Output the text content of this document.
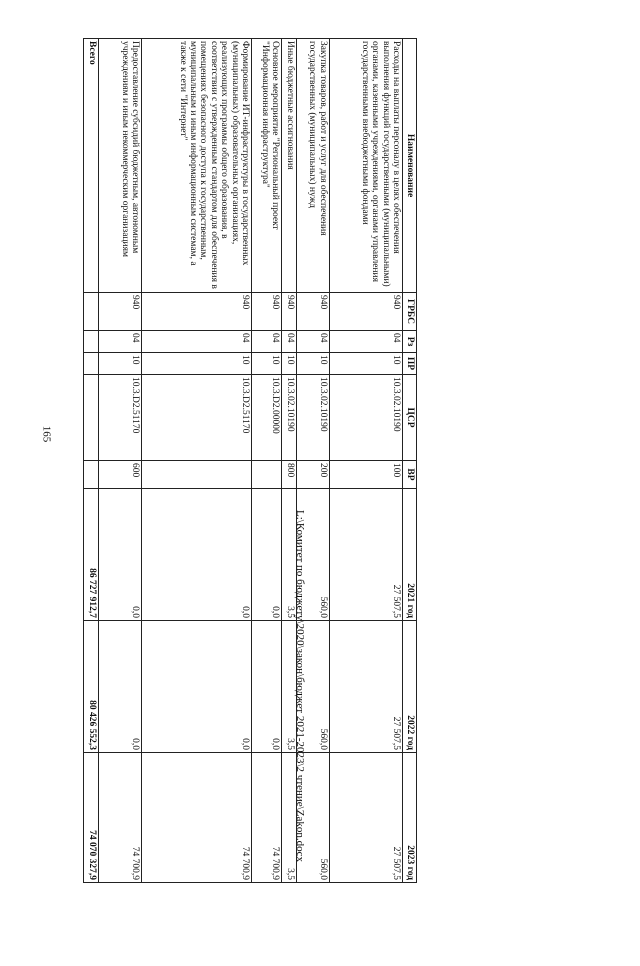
165
Наименование	ГРБС	Рз	ПР	ЦСР	ВР	2021 год	2022 год	2023 год
Расходы на выплаты персоналу в целях обеспечения выполнения функций государственными (муниципальными) органами, казенными учреждениями, органами управления государственными внебюджетными фондами	940	04	10	10.3.02.10190	100	27 507,5	27 507,5	27 507,5
Закупка товаров, работ и услуг для обеспечения государственных (муниципальных) нужд	940	04	10	10.3.02.10190	200	560,0	560,0	560,0
Иные бюджетные ассигнования	940	04	10	10.3.02.10190	800	3,5	3,5	3,5
Основное мероприятие "Региональный проект "Информационная инфраструктура"	940	04	10	10.3.D2.00000		0,0	0,0	74 700,9
Формирование ИТ-инфраструктуры в государственных (муниципальных) образовательных организациях, реализующих программы общего образования, в соответствии с утвержденным стандартом для обеспечения в помещениях безопасного доступа к государственным, муниципальным и иным информационным системам, а также к сети "Интернет"	940	04	10	10.3.D2.51170		0,0	0,0	74 700,9
Предоставление субсидий бюджетным, автономным учреждениям и иным некоммерческим организациям	940	04	10	10.3.D2.51170	600	0,0	0,0	74 700,9
Всего						86 727 912,7	80 426 552,3	74 070 327,9	L:\Комитет по бюджету\2020\закон\бюджет 2021-2023\2 чтение\Zakon.docx
